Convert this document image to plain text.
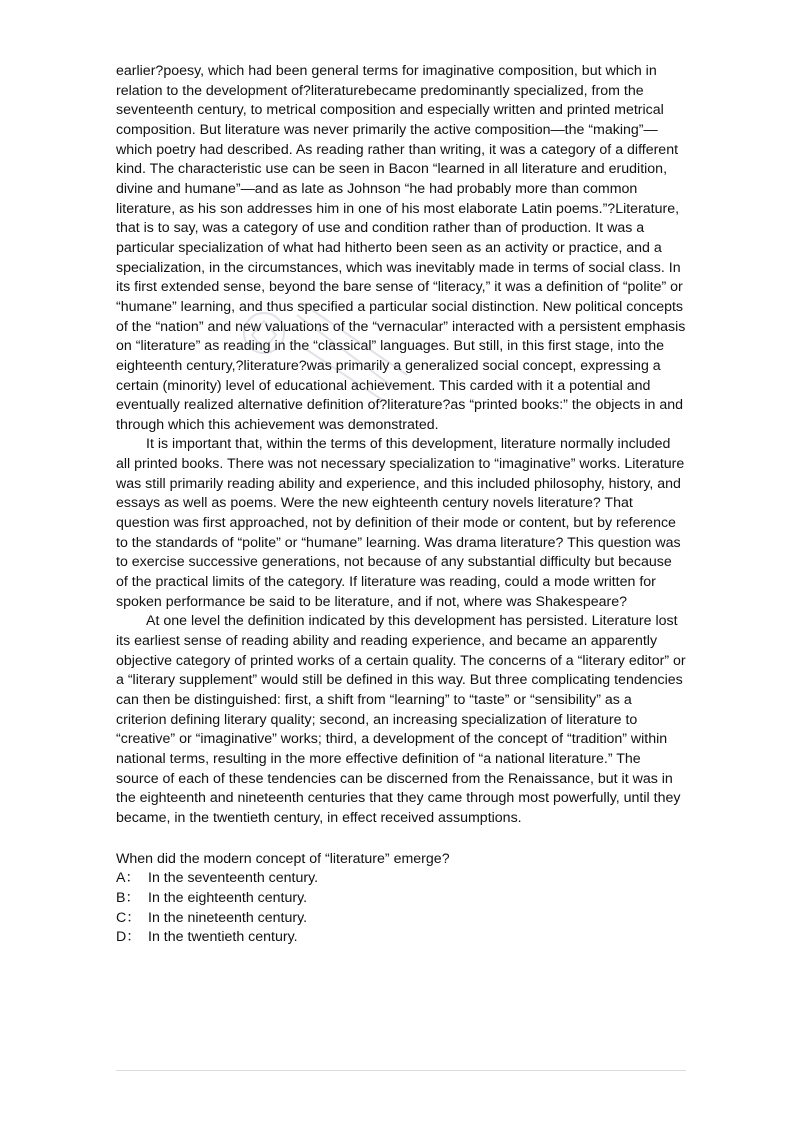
earlier?poesy, which had been general terms for imaginative composition, but which in relation to the development of?literaturebecame predominantly specialized, from the seventeenth century, to metrical composition and especially written and printed metrical composition. But literature was never primarily the active composition—the “making”—which poetry had described. As reading rather than writing, it was a category of a different kind. The characteristic use can be seen in Bacon “learned in all literature and erudition, divine and humane”—and as late as Johnson “he had probably more than common literature, as his son addresses him in one of his most elaborate Latin poems.”?Literature, that is to say, was a category of use and condition rather than of production. It was a particular specialization of what had hitherto been seen as an activity or practice, and a specialization, in the circumstances, which was inevitably made in terms of social class. In its first extended sense, beyond the bare sense of “literacy,” it was a definition of “polite” or “humane” learning, and thus specified a particular social distinction. New political concepts of the “nation” and new valuations of the “vernacular” interacted with a persistent emphasis on “literature” as reading in the “classical” languages. But still, in this first stage, into the eighteenth century,?literature?was primarily a generalized social concept, expressing a certain (minority) level of educational achievement. This carded with it a potential and eventually realized alternative definition of?literature?as “printed books:” the objects in and through which this achievement was demonstrated.

It is important that, within the terms of this development, literature normally included all printed books. There was not necessary specialization to “imaginative” works. Literature was still primarily reading ability and experience, and this included philosophy, history, and essays as well as poems. Were the new eighteenth century novels literature? That question was first approached, not by definition of their mode or content, but by reference to the standards of “polite” or “humane” learning. Was drama literature? This question was to exercise successive generations, not because of any substantial difficulty but because of the practical limits of the category. If literature was reading, could a mode written for spoken performance be said to be literature, and if not, where was Shakespeare?

At one level the definition indicated by this development has persisted. Literature lost its earliest sense of reading ability and reading experience, and became an apparently objective category of printed works of a certain quality. The concerns of a “literary editor” or a “literary supplement” would still be defined in this way. But three complicating tendencies can then be distinguished: first, a shift from “learning” to “taste” or “sensibility” as a criterion defining literary quality; second, an increasing specialization of literature to “creative” or “imaginative” works; third, a development of the concept of “tradition” within national terms, resulting in the more effective definition of “a national literature.” The source of each of these tendencies can be discerned from the Renaissance, but it was in the eighteenth and nineteenth centuries that they came through most powerfully, until they became, in the twentieth century, in effect received assumptions.

When did the modern concept of “literature” emerge?

A： In the seventeenth century.
B： In the eighteenth century.
C： In the nineteenth century.
D： In the twentieth century.
